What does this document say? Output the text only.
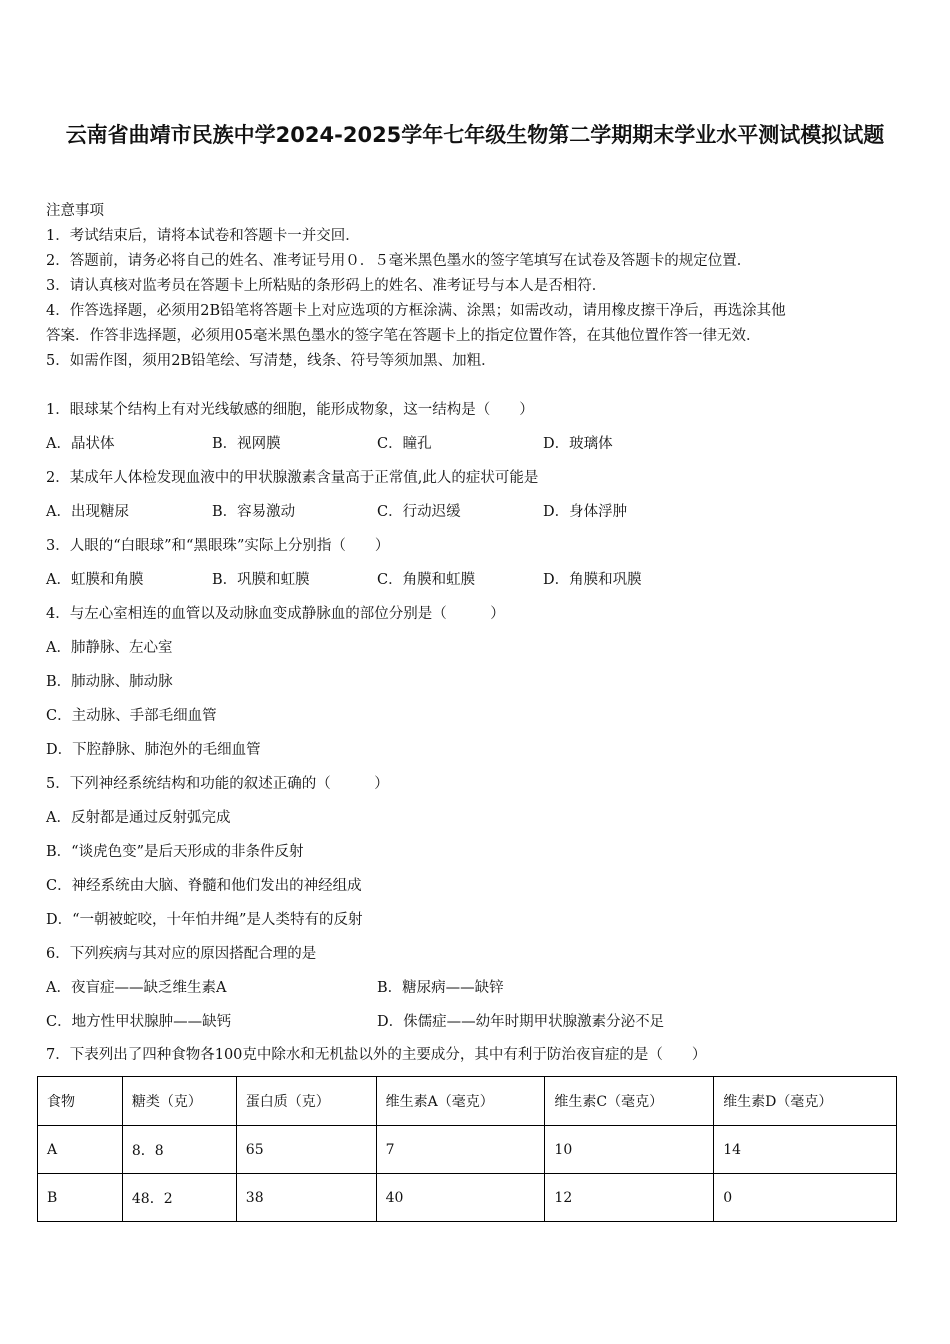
云南省曲靖市民族中学2024-2025学年七年级生物第二学期期末学业水平测试模拟试题
注意事项
1．考试结束后，请将本试卷和答题卡一并交回．
2．答题前，请务必将自己的姓名、准考证号用０．５毫米黑色墨水的签字笔填写在试卷及答题卡的规定位置．
3．请认真核对监考员在答题卡上所粘贴的条形码上的姓名、准考证号与本人是否相符．
4．作答选择题，必须用2B铅笔将答题卡上对应选项的方框涂满、涂黑；如需改动，请用橡皮擦干净后，再选涂其他
答案．作答非选择题，必须用05毫米黑色墨水的签字笔在答题卡上的指定位置作答，在其他位置作答一律无效．
5．如需作图，须用2B铅笔绘、写清楚，线条、符号等须加黑、加粗．
1．眼球某个结构上有对光线敏感的细胞，能形成物象，这一结构是（　　）
A．晶状体	B．视网膜	C．瞳孔	D．玻璃体
2．某成年人体检发现血液中的甲状腺激素含量高于正常值,此人的症状可能是
A．出现糖尿	B．容易激动	C．行动迟缓	D．身体浮肿
3．人眼的“白眼球”和“黑眼珠”实际上分别指（　　）
A．虹膜和角膜	B．巩膜和虹膜	C．角膜和虹膜	D．角膜和巩膜
4．与左心室相连的血管以及动脉血变成静脉血的部位分别是（　　　）
A．肺静脉、左心室
B．肺动脉、肺动脉
C．主动脉、手部毛细血管
D．下腔静脉、肺泡外的毛细血管
5．下列神经系统结构和功能的叙述正确的（　　　）
A．反射都是通过反射弧完成
B．“谈虎色变”是后天形成的非条件反射
C．神经系统由大脑、脊髓和他们发出的神经组成
D．“一朝被蛇咬，十年怕井绳”是人类特有的反射
6．下列疾病与其对应的原因搭配合理的是
A．夜盲症——缺乏维生素A	B．糖尿病——缺锌
C．地方性甲状腺肿——缺钙	D．侏儒症——幼年时期甲状腺激素分泌不足
7．下表列出了四种食物各100克中除水和无机盐以外的主要成分，其中有利于防治夜盲症的是（　　）
食物	糖类（克）	蛋白质（克）	维生素A（毫克）	维生素C（毫克）	维生素D（毫克）
A	8．8	65	7	10	14
B	48．2	38	40	12	0
